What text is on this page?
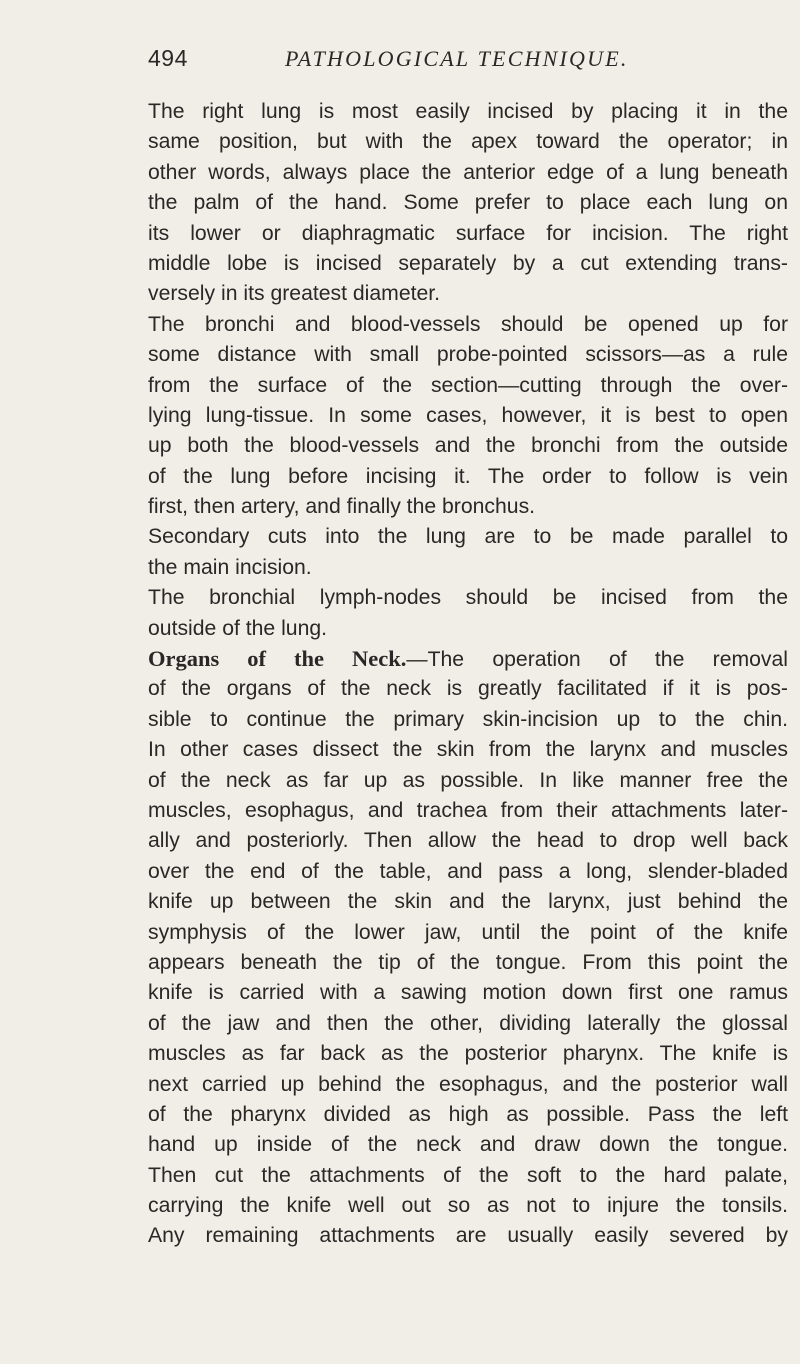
494	PATHOLOGICAL TECHNIQUE.
The right lung is most easily incised by placing it in the
same position, but with the apex toward the operator; in
other words, always place the anterior edge of a lung beneath
the palm of the hand. Some prefer to place each lung on
its lower or diaphragmatic surface for incision. The right
middle lobe is incised separately by a cut extending trans-
versely in its greatest diameter.
The bronchi and blood-vessels should be opened up for
some distance with small probe-pointed scissors—as a rule
from the surface of the section—cutting through the over-
lying lung-tissue. In some cases, however, it is best to open
up both the blood-vessels and the bronchi from the outside
of the lung before incising it. The order to follow is vein
first, then artery, and finally the bronchus.
Secondary cuts into the lung are to be made parallel to
the main incision.
The bronchial lymph-nodes should be incised from the
outside of the lung.
Organs of the Neck.—The operation of the removal
of the organs of the neck is greatly facilitated if it is pos-
sible to continue the primary skin-incision up to the chin.
In other cases dissect the skin from the larynx and muscles
of the neck as far up as possible. In like manner free the
muscles, esophagus, and trachea from their attachments later-
ally and posteriorly. Then allow the head to drop well back
over the end of the table, and pass a long, slender-bladed
knife up between the skin and the larynx, just behind the
symphysis of the lower jaw, until the point of the knife
appears beneath the tip of the tongue. From this point the
knife is carried with a sawing motion down first one ramus
of the jaw and then the other, dividing laterally the glossal
muscles as far back as the posterior pharynx. The knife is
next carried up behind the esophagus, and the posterior wall
of the pharynx divided as high as possible. Pass the left
hand up inside of the neck and draw down the tongue.
Then cut the attachments of the soft to the hard palate,
carrying the knife well out so as not to injure the tonsils.
Any remaining attachments are usually easily severed by
